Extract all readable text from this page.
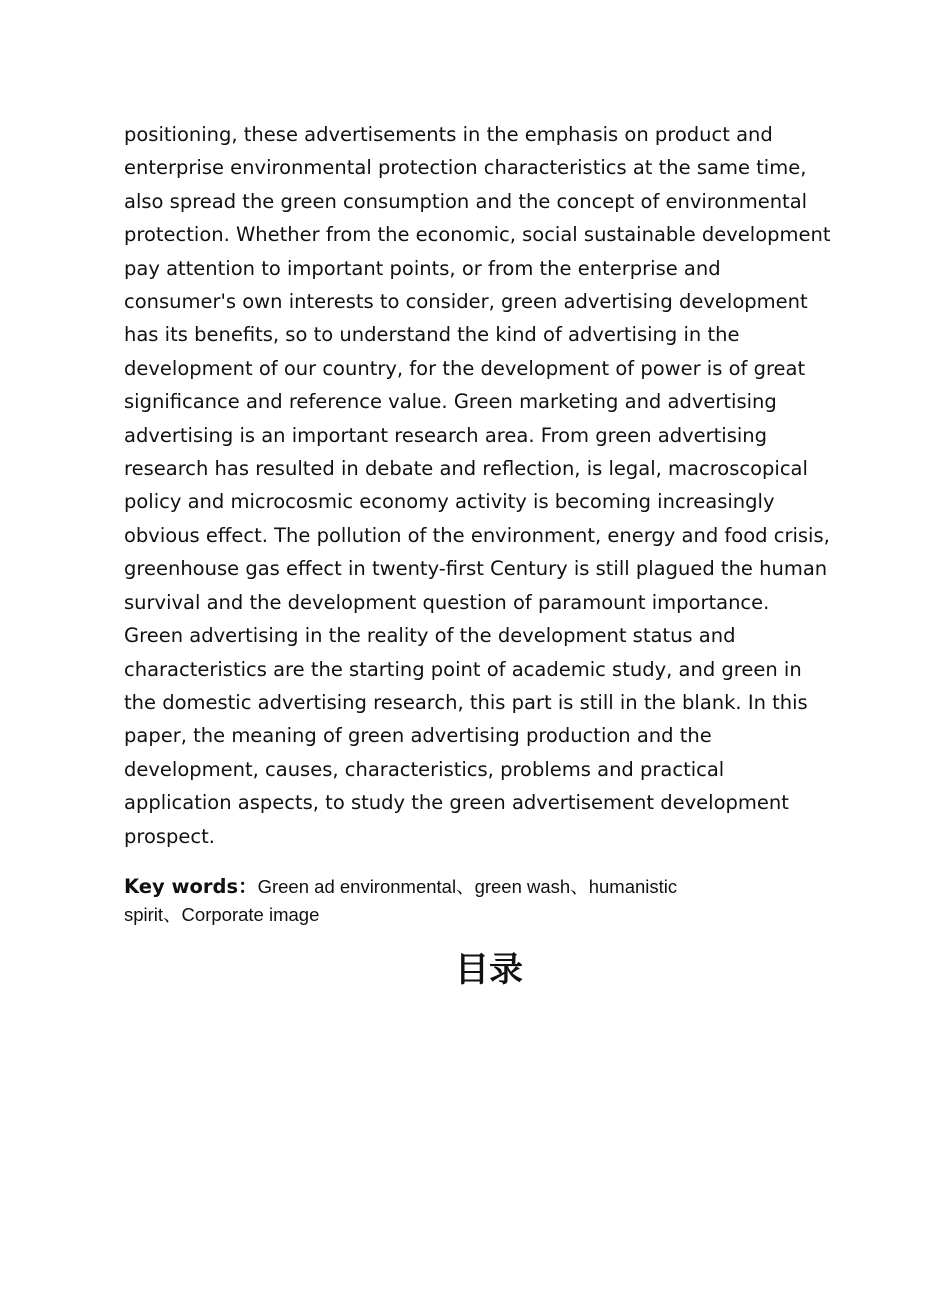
positioning, these advertisements in the emphasis on product and
enterprise environmental protection characteristics at the same time,
also spread the green consumption and the concept of environmental
protection. Whether from the economic, social sustainable development
pay attention to important points, or from the enterprise and
consumer's own interests to consider, green advertising development
has its benefits, so to understand the kind of advertising in the
development of our country, for the development of power is of great
significance and reference value. Green marketing and advertising
advertising is an important research area. From green advertising
research has resulted in debate and reflection, is legal, macroscopical
policy and microcosmic economy activity is becoming increasingly
obvious effect. The pollution of the environment, energy and food crisis,
greenhouse gas effect in twenty-first Century is still plagued the human
survival and the development question of paramount importance.
Green advertising in the reality of the development status and
characteristics are the starting point of academic study, and green in
the domestic advertising research, this part is still in the blank. In this
paper, the meaning of green advertising production and the
development, causes, characteristics, problems and practical
application aspects, to study the green advertisement development
prospect.

Key words：Green ad environmental、green wash、humanistic
spirit、Corporate image

目录
